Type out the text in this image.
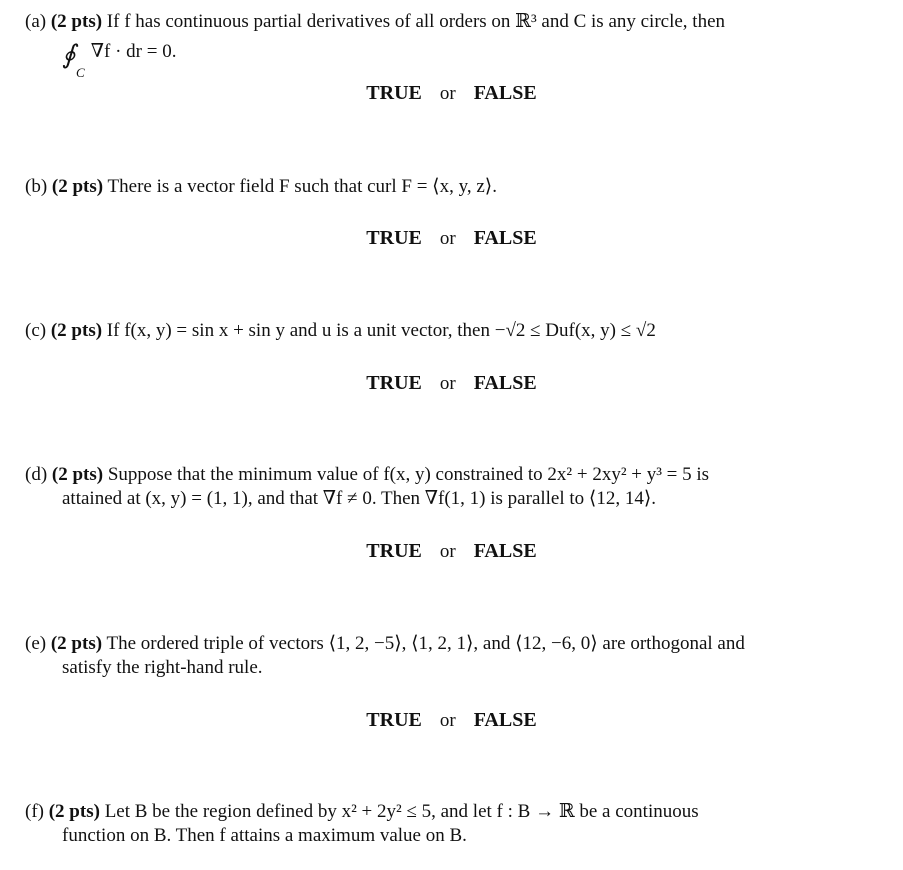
(a) (2 pts) If f has continuous partial derivatives of all orders on ℝ³ and C is any circle, then
∮
C
∇f · dr = 0.
TRUE or FALSE
(b) (2 pts) There is a vector field F such that curl F = ⟨x, y, z⟩.
TRUE or FALSE
(c) (2 pts) If f(x, y) = sin x + sin y and u is a unit vector, then −√2 ≤ Duf(x, y) ≤ √2
TRUE or FALSE
(d) (2 pts) Suppose that the minimum value of f(x, y) constrained to 2x² + 2xy² + y³ = 5 is
attained at (x, y) = (1, 1), and that ∇f ≠ 0. Then ∇f(1, 1) is parallel to ⟨12, 14⟩.
TRUE or FALSE
(e) (2 pts) The ordered triple of vectors ⟨1, 2, −5⟩, ⟨1, 2, 1⟩, and ⟨12, −6, 0⟩ are orthogonal and
satisfy the right-hand rule.
TRUE or FALSE
(f) (2 pts) Let B be the region defined by x² + 2y² ≤ 5, and let f : B → ℝ be a continuous
function on B. Then f attains a maximum value on B.
